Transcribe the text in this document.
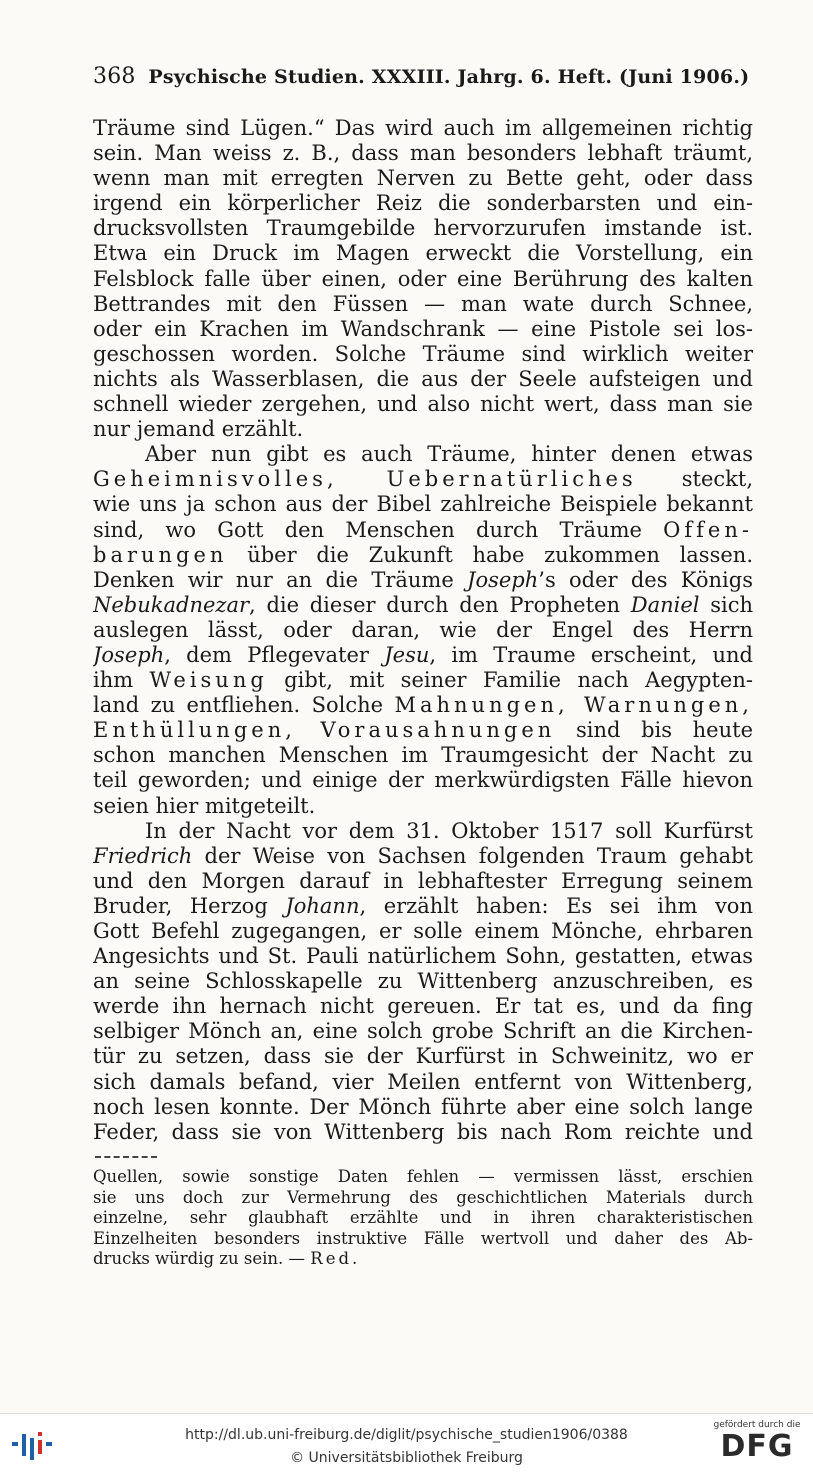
368 Psychische Studien. XXXIII. Jahrg. 6. Heft. (Juni 1906.)
Träume sind Lügen.“ Das wird auch im allgemeinen richtig
sein. Man weiss z. B., dass man besonders lebhaft träumt,
wenn man mit erregten Nerven zu Bette geht, oder dass
irgend ein körperlicher Reiz die sonderbarsten und ein-
drucksvollsten Traumgebilde hervorzurufen imstande ist.
Etwa ein Druck im Magen erweckt die Vorstellung, ein
Felsblock falle über einen, oder eine Berührung des kalten
Bettrandes mit den Füssen — man wate durch Schnee,
oder ein Krachen im Wandschrank — eine Pistole sei los-
geschossen worden. Solche Träume sind wirklich weiter
nichts als Wasserblasen, die aus der Seele aufsteigen und
schnell wieder zergehen, und also nicht wert, dass man sie
nur jemand erzählt.
Aber nun gibt es auch Träume, hinter denen etwas
Geheimnisvolles, Uebernatürliches steckt,
wie uns ja schon aus der Bibel zahlreiche Beispiele bekannt
sind, wo Gott den Menschen durch Träume Offen-
barungen über die Zukunft habe zukommen lassen.
Denken wir nur an die Träume Joseph’s oder des Königs
Nebukadnezar, die dieser durch den Propheten Daniel sich
auslegen lässt, oder daran, wie der Engel des Herrn
Joseph, dem Pflegevater Jesu, im Traume erscheint, und
ihm Weisung gibt, mit seiner Familie nach Aegypten-
land zu entfliehen. Solche Mahnungen, Warnungen,
Enthüllungen, Vorausahnungen sind bis heute
schon manchen Menschen im Traumgesicht der Nacht zu
teil geworden; und einige der merkwürdigsten Fälle hievon
seien hier mitgeteilt.
In der Nacht vor dem 31. Oktober 1517 soll Kurfürst
Friedrich der Weise von Sachsen folgenden Traum gehabt
und den Morgen darauf in lebhaftester Erregung seinem
Bruder, Herzog Johann, erzählt haben: Es sei ihm von
Gott Befehl zugegangen, er solle einem Mönche, ehrbaren
Angesichts und St. Pauli natürlichem Sohn, gestatten, etwas
an seine Schlosskapelle zu Wittenberg anzuschreiben, es
werde ihn hernach nicht gereuen. Er tat es, und da fing
selbiger Mönch an, eine solch grobe Schrift an die Kirchen-
tür zu setzen, dass sie der Kurfürst in Schweinitz, wo er
sich damals befand, vier Meilen entfernt von Wittenberg,
noch lesen konnte. Der Mönch führte aber eine solch lange
Feder, dass sie von Wittenberg bis nach Rom reichte und
Quellen, sowie sonstige Daten fehlen — vermissen lässt, erschien
sie uns doch zur Vermehrung des geschichtlichen Materials durch
einzelne, sehr glaubhaft erzählte und in ihren charakteristischen
Einzelheiten besonders instruktive Fälle wertvoll und daher des Ab-
drucks würdig zu sein. — Red.
http://dl.ub.uni-freiburg.de/diglit/psychische_studien1906/0388
© Universitätsbibliothek Freiburg
gefördert durch die
DFG
